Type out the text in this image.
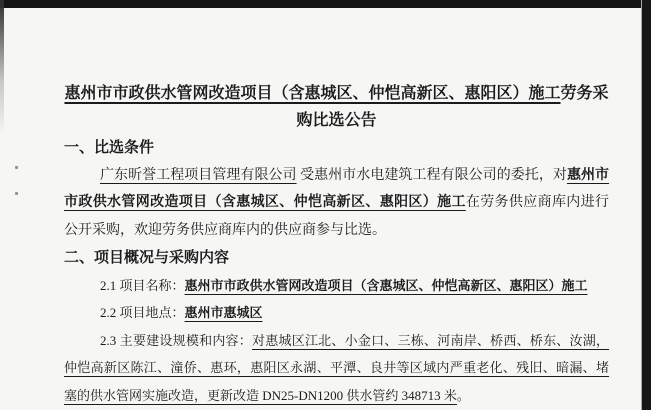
惠州市市政供水管网改造项目（含惠城区、仲恺高新区、惠阳区）施工劳务采购比选公告
一、比选条件
广东昕誉工程项目管理有限公司 受惠州市水电建筑工程有限公司的委托，对惠州市市政供水管网改造项目（含惠城区、仲恺高新区、惠阳区）施工在劳务供应商库内进行公开采购，欢迎劳务供应商库内的供应商参与比选。
二、项目概况与采购内容
2.1 项目名称：惠州市市政供水管网改造项目（含惠城区、仲恺高新区、惠阳区）施工
2.2 项目地点：惠州市惠城区
2.3 主要建设规模和内容：对惠城区江北、小金口、三栋、河南岸、桥西、桥东、汝湖，仲恺高新区陈江、潼侨、惠环，惠阳区永湖、平潭、良井等区域内严重老化、残旧、暗漏、堵塞的供水管网实施改造，更新改造 DN25-DN1200 供水管约 348713 米。
